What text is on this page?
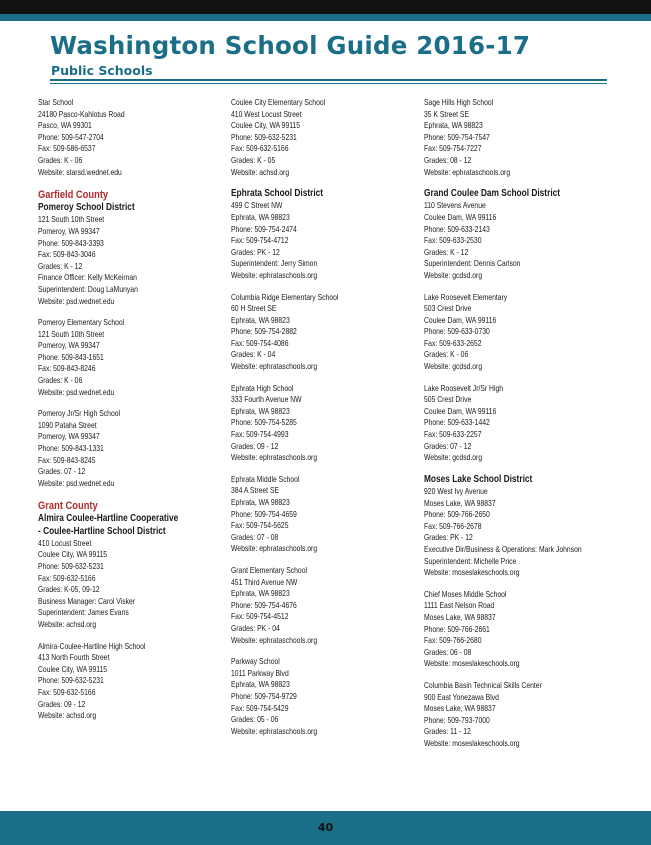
Washington School Guide 2016-17
Public Schools
Star School
24180 Pasco-Kahlotus Road
Pasco, WA 99301
Phone: 509-547-2704
Fax: 509-586-6537
Grades: K - 06
Website: starsd.wednet.edu
Garfield County
Pomeroy School District
121 South 10th Street
Pomeroy, WA 99347
Phone: 509-843-3393
Fax: 509-843-3046
Grades: K - 12
Finance Officer: Kelly McKeirnan
Superintendent: Doug LaMunyan
Website: psd.wednet.edu
Pomeroy Elementary School
121 South 10th Street
Pomeroy, WA 99347
Phone: 509-843-1651
Fax: 509-843-8246
Grades: K - 06
Website: psd.wednet.edu
Pomeroy Jr/Sr High School
1090 Pataha Street
Pomeroy, WA 99347
Phone: 509-843-1331
Fax: 509-843-8245
Grades: 07 - 12
Website: psd.wednet.edu
Grant County
Almira Coulee-Hartline Cooperative
- Coulee-Hartline School District
410 Locust Street
Coulee City, WA 99115
Phone: 509-632-5231
Fax: 509-632-5166
Grades: K-05, 09-12
Business Manager: Carol Visker
Superintendent: James Evans
Website: achsd.org
Almira-Coulee-Hartline High School
413 North Fourth Street
Coulee City, WA 99115
Phone: 509-632-5231
Fax: 509-632-5166
Grades: 09 - 12
Website: achsd.org
Coulee City Elementary School
410 West Locust Street
Coulee City, WA 99115
Phone: 509-632-5231
Fax: 509-632-5166
Grades: K - 05
Website: achsd.org
Ephrata School District
499 C Street NW
Ephrata, WA 98823
Phone: 509-754-2474
Fax: 509-754-4712
Grades: PK - 12
Superintendent: Jerry Simon
Website: ephrataschools.org
Columbia Ridge Elementary School
60 H Street SE
Ephrata, WA 98823
Phone: 509-754-2882
Fax: 509-754-4086
Grades: K - 04
Website: ephrataschools.org
Ephrata High School
333 Fourth Avenue NW
Ephrata, WA 98823
Phone: 509-754-5285
Fax: 509-754-4993
Grades: 09 - 12
Website: ephrataschools.org
Ephrata Middle School
384 A Street SE
Ephrata, WA 98823
Phone: 509-754-4659
Fax: 509-754-5625
Grades: 07 - 08
Website: ephrataschools.org
Grant Elementary School
451 Third Avenue NW
Ephrata, WA 98823
Phone: 509-754-4676
Fax: 509-754-4512
Grades: PK - 04
Website: ephrataschools.org
Parkway School
1011 Parkway Blvd
Ephrata, WA 98823
Phone: 509-754-9729
Fax: 509-754-5429
Grades: 05 - 06
Website: ephrataschools.org
Sage Hills High School
35 K Street SE
Ephrata, WA 98823
Phone: 509-754-7547
Fax: 509-754-7227
Grades: 08 - 12
Website: ephrataschools.org
Grand Coulee Dam School District
110 Stevens Avenue
Coulee Dam, WA 99116
Phone: 509-633-2143
Fax: 509-633-2530
Grades: K - 12
Superintendent: Dennis Carlson
Website: gcdsd.org
Lake Roosevelt Elementary
503 Crest Drive
Coulee Dam, WA 99116
Phone: 509-633-0730
Fax: 509-633-2652
Grades: K - 06
Website: gcdsd.org
Lake Roosevelt Jr/Sr High
505 Crest Drive
Coulee Dam, WA 99116
Phone: 509-633-1442
Fax: 509-633-2257
Grades: 07 - 12
Website: gcdsd.org
Moses Lake School District
920 West Ivy Avenue
Moses Lake, WA 98837
Phone: 509-766-2650
Fax: 509-766-2678
Grades: PK - 12
Executive Dir/Business & Operations: Mark Johnson
Superintendent: Michelle Price
Website: moseslakeschools.org
Chief Moses Middle School
1111 East Nelson Road
Moses Lake, WA 98837
Phone: 509-766-2661
Fax: 509-766-2680
Grades: 06 - 08
Website: moseslakeschools.org
Columbia Basin Technical Skills Center
900 East Yonezawa Blvd
Moses Lake, WA 98837
Phone: 509-793-7000
Grades: 11 - 12
Website: moseslakeschools.org
40
